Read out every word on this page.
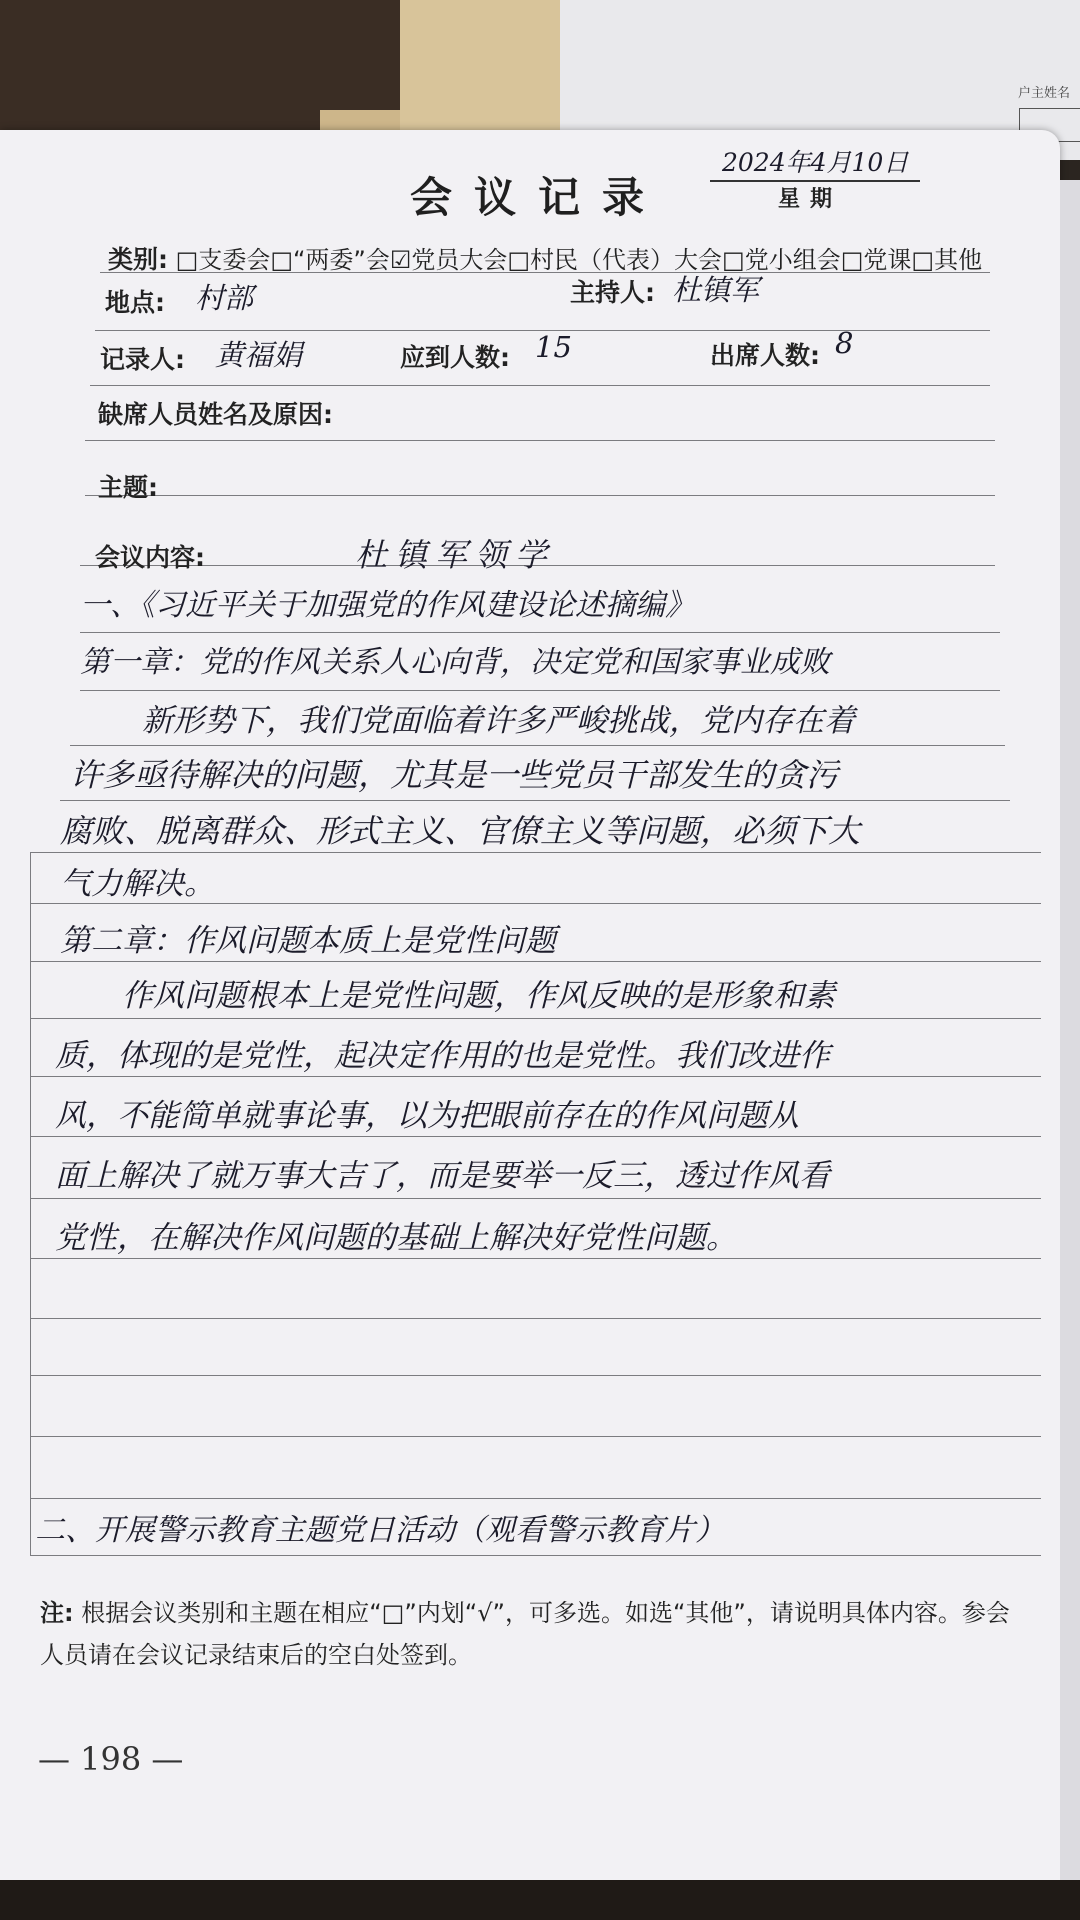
户主姓名
会议记录
2024年4月10日
星期
类别: □支委会□“两委”会☑党员大会□村民（代表）大会□党小组会□党课□其他
地点: 村部	主持人: 杜镇军
记录人: 黄福娟	应到人数: 15	出席人数: 8
缺席人员姓名及原因:
主题:
会议内容:	杜镇军领学
一、《习近平关于加强党的作风建设论述摘编》
第一章：党的作风关系人心向背，决定党和国家事业成败
　　新形势下，我们党面临着许多严峻挑战，党内存在着
许多亟待解决的问题，尤其是一些党员干部发生的贪污
腐败、脱离群众、形式主义、官僚主义等问题，必须下大
气力解决。
第二章：作风问题本质上是党性问题
　　作风问题根本上是党性问题，作风反映的是形象和素
质，体现的是党性，起决定作用的也是党性。我们改进作
风，不能简单就事论事，以为把眼前存在的作风问题从
面上解决了就万事大吉了，而是要举一反三，透过作风看
党性，在解决作风问题的基础上解决好党性问题。
二、开展警示教育主题党日活动（观看警示教育片）
注: 根据会议类别和主题在相应“□”内划“√”，可多选。如选“其他”，请说明具体内容。参会人员请在会议记录结束后的空白处签到。
— 198 —
